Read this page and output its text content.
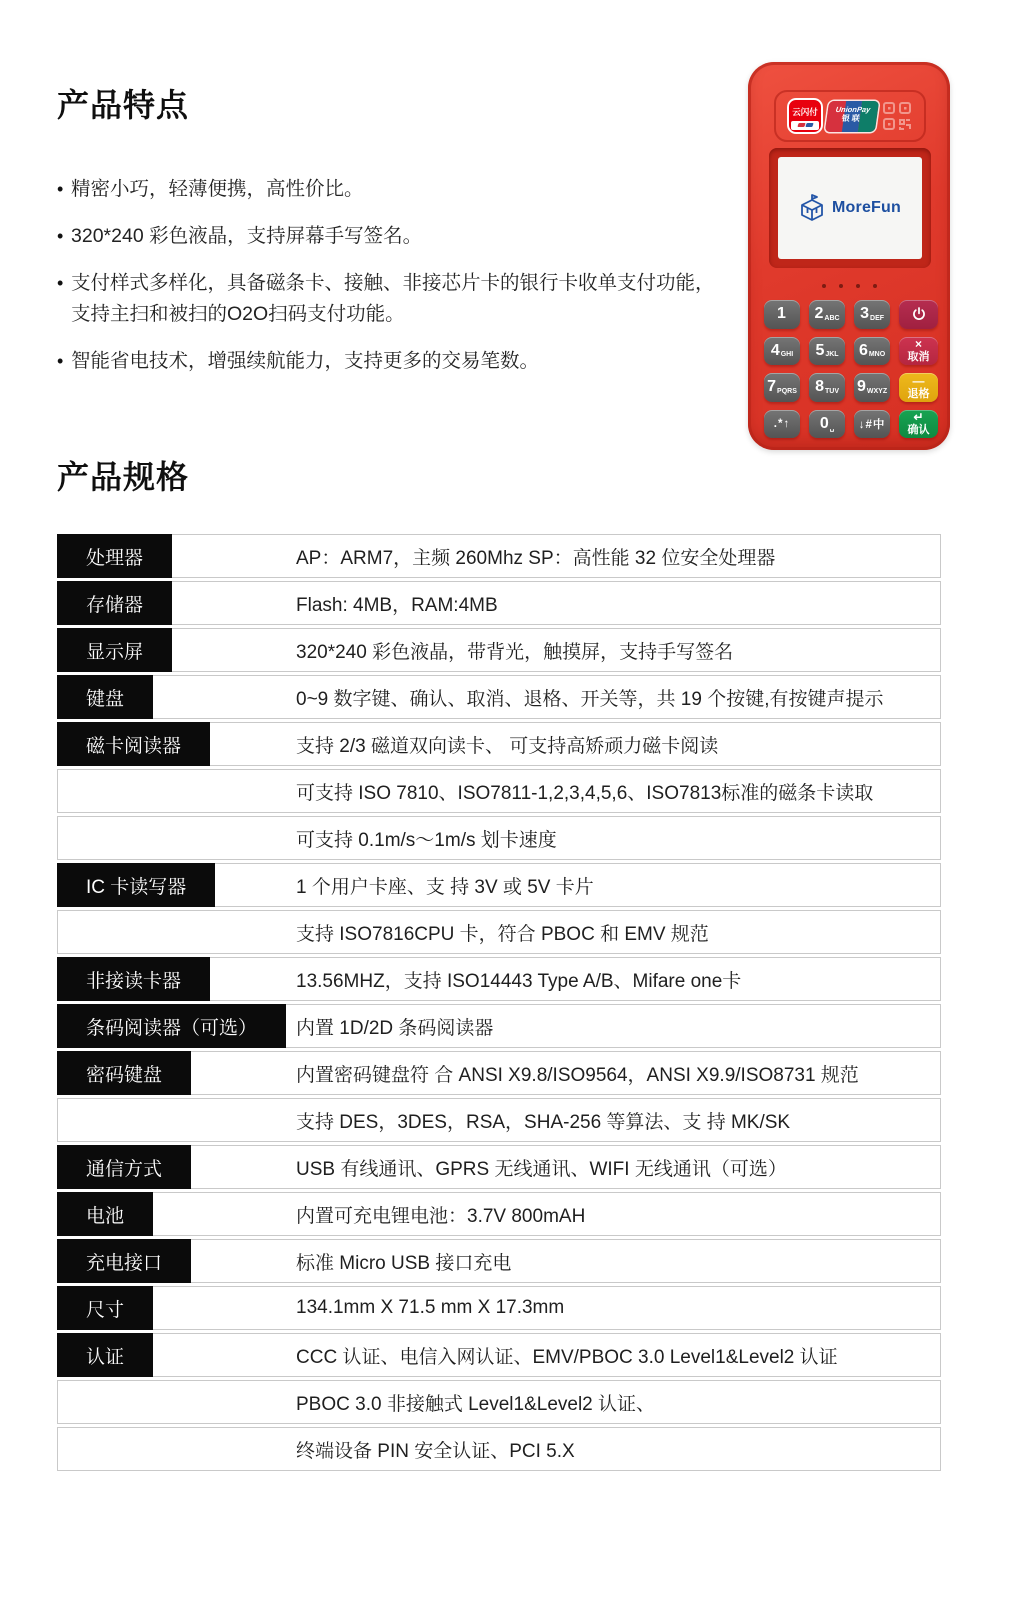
产品特点
• 精密小巧，轻薄便携，高性价比。
• 320*240 彩色液晶，支持屏幕手写签名。
• 支付样式多样化，具备磁条卡、接触、非接芯片卡的银行卡收单支付功能， 支持主扫和被扫的O2O扫码支付功能。
• 智能省电技术，增强续航能力，支持更多的交易笔数。
云闪付	UnionPay
银联
MoreFun
1 2 ABC 3 DEF
4 GHI 5 JKL 6 MNO
×
取消
7 PQRS 8 TUV 9 WXYZ
—
退格
.*↑ 0 ␣ ↓#中
↵
确认
产品规格
处理器	AP：ARM7，主频 260Mhz SP：高性能 32 位安全处理器
存储器	Flash: 4MB，RAM:4MB
显示屏	320*240 彩色液晶，带背光，触摸屏，支持手写签名
键盘	0~9 数字键、确认、取消、退格、开关等，共 19 个按键,有按键声提示
磁卡阅读器	支持 2/3 磁道双向读卡、 可支持高矫顽力磁卡阅读
可支持 ISO 7810、ISO7811-1,2,3,4,5,6、ISO7813标准的磁条卡读取
可支持 0.1m/s～1m/s 划卡速度
IC 卡读写器	1 个用户卡座、支 持 3V 或 5V 卡片
支持 ISO7816CPU 卡，符合 PBOC 和 EMV 规范
非接读卡器	13.56MHZ，支持 ISO14443 Type A/B、Mifare one卡
条码阅读器（可选）	内置 1D/2D 条码阅读器
密码键盘	内置密码键盘符 合 ANSI X9.8/ISO9564，ANSI X9.9/ISO8731 规范
支持 DES，3DES，RSA，SHA-256 等算法、支 持 MK/SK
通信方式	USB 有线通讯、GPRS 无线通讯、WIFI 无线通讯（可选）
电池	内置可充电锂电池：3.7V 800mAH
充电接口	标准 Micro USB 接口充电
尺寸	134.1mm X 71.5 mm X 17.3mm
认证	CCC 认证、电信入网认证、EMV/PBOC 3.0 Level1&Level2 认证
PBOC 3.0 非接触式 Level1&Level2 认证、
终端设备 PIN 安全认证、PCI 5.X
